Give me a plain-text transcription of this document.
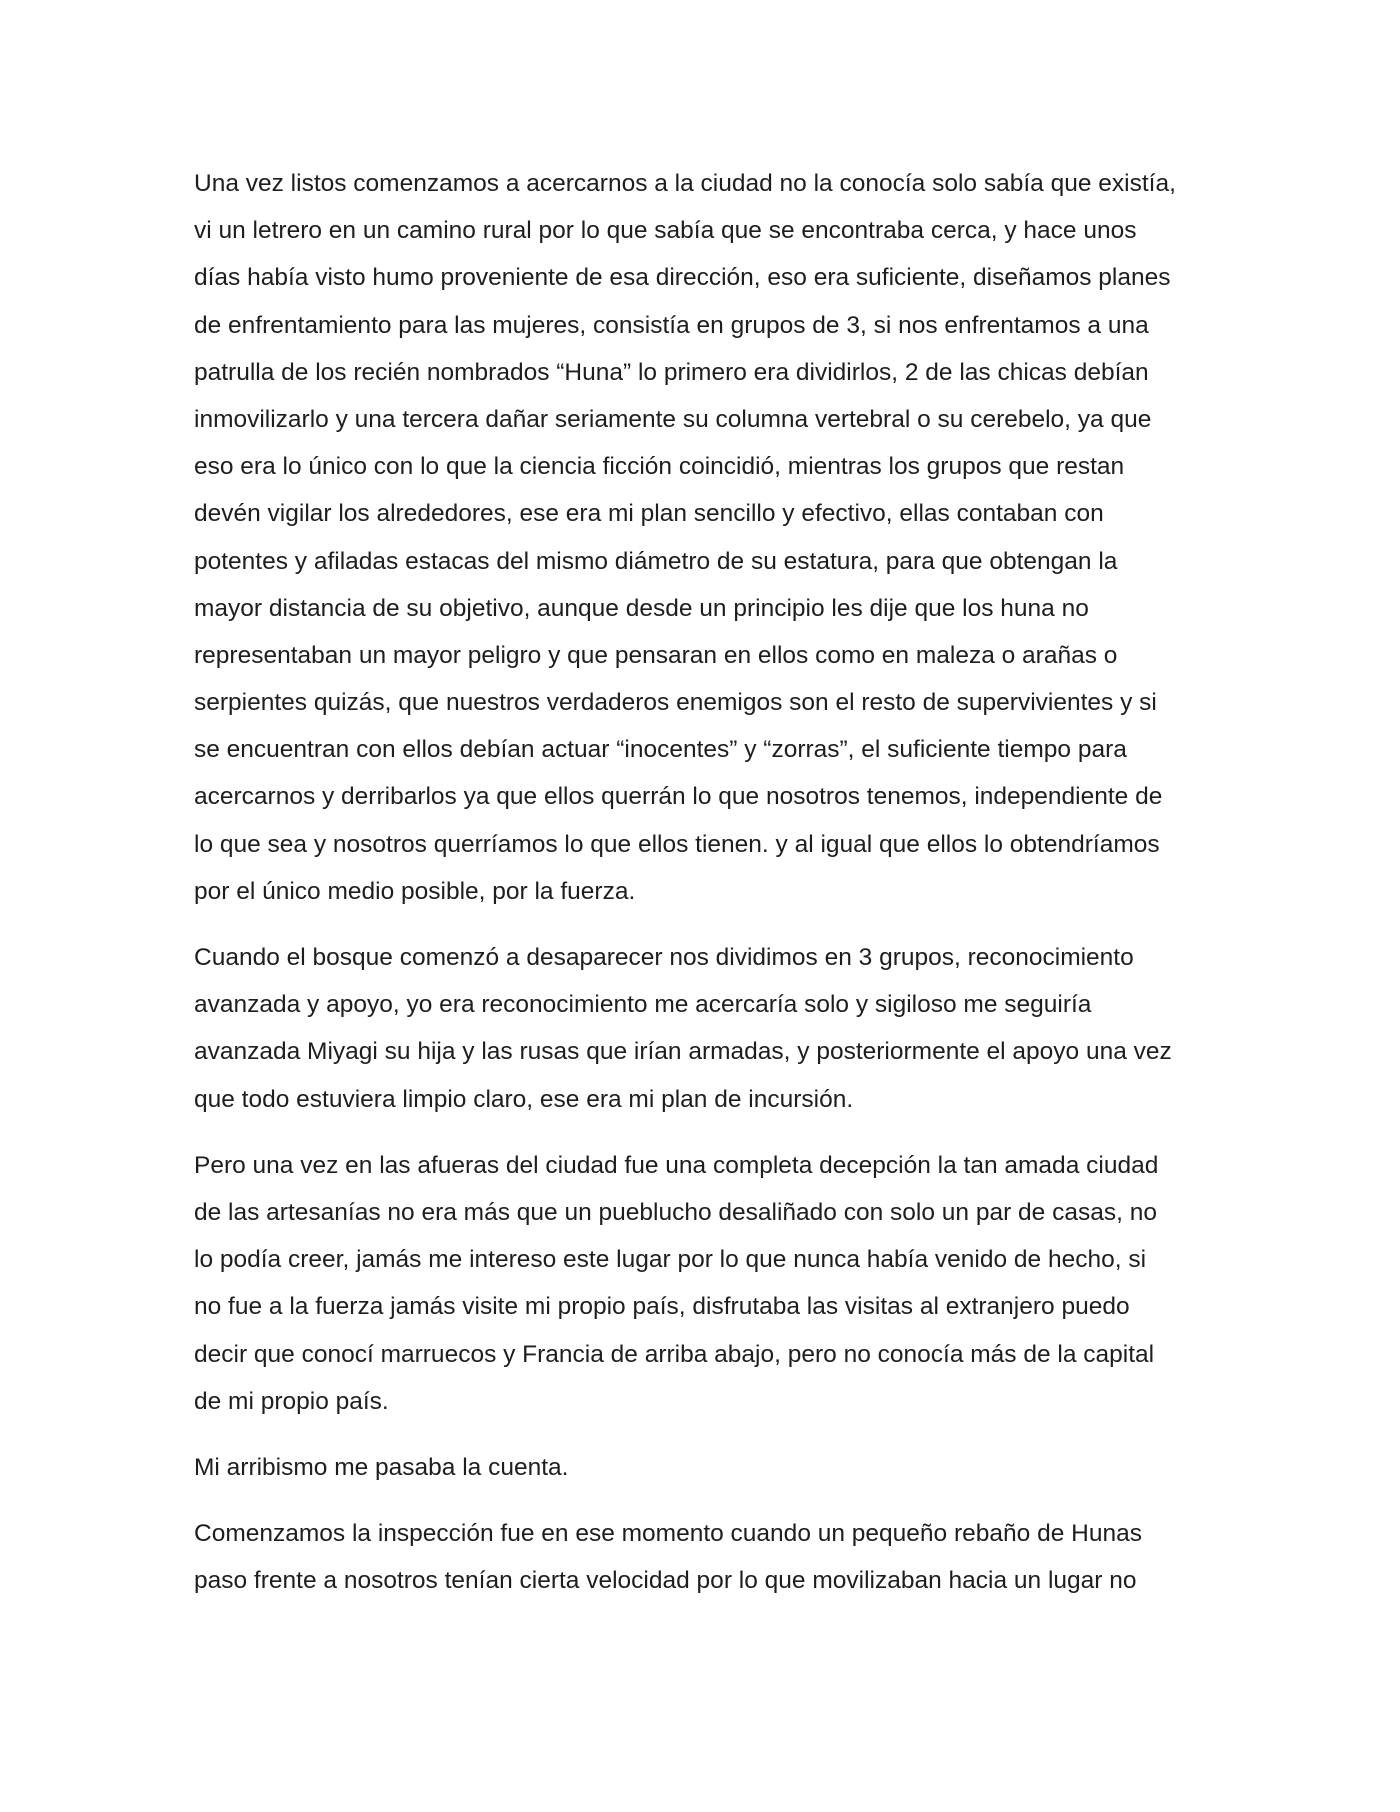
Una vez listos comenzamos a acercarnos a la ciudad no la conocía solo sabía que existía,
vi un letrero en un camino rural por lo que sabía que se encontraba cerca, y hace unos
días había visto humo proveniente de esa dirección, eso era suficiente, diseñamos planes
de enfrentamiento para las mujeres, consistía en grupos de 3, si nos enfrentamos a una
patrulla de los recién nombrados “Huna” lo primero era dividirlos, 2 de las chicas debían
inmovilizarlo y una tercera dañar seriamente su columna vertebral o su cerebelo, ya que
eso era lo único con lo que la ciencia ficción coincidió, mientras los grupos que restan
devén vigilar los alrededores, ese era mi plan sencillo y efectivo, ellas contaban con
potentes y afiladas estacas del mismo diámetro de su estatura, para que obtengan la
mayor distancia de su objetivo, aunque desde un principio les dije que los huna no
representaban un mayor peligro y que pensaran en ellos como en maleza o arañas o
serpientes quizás, que nuestros verdaderos enemigos son el resto de supervivientes y si
se encuentran con ellos debían actuar “inocentes” y “zorras”, el suficiente tiempo para
acercarnos y derribarlos ya que ellos querrán lo que nosotros tenemos, independiente de
lo que sea y nosotros querríamos lo que ellos tienen. y al igual que ellos lo obtendríamos
por el único medio posible, por la fuerza.

Cuando el bosque comenzó a desaparecer nos dividimos en 3 grupos, reconocimiento
avanzada y apoyo, yo era reconocimiento me acercaría solo y sigiloso me seguiría
avanzada Miyagi su hija y las rusas que irían armadas, y posteriormente el apoyo una vez
que todo estuviera limpio claro, ese era mi plan de incursión.

Pero una vez en las afueras del ciudad fue una completa decepción la tan amada ciudad
de las artesanías no era más que un pueblucho desaliñado con solo un par de casas, no
lo podía creer, jamás me intereso este lugar por lo que nunca había venido de hecho, si
no fue a la fuerza jamás visite mi propio país, disfrutaba las visitas al extranjero puedo
decir que conocí marruecos y Francia de arriba abajo, pero no conocía más de la capital
de mi propio país.

Mi arribismo me pasaba la cuenta.

Comenzamos la inspección fue en ese momento cuando un pequeño rebaño de Hunas
paso frente a nosotros tenían cierta velocidad por lo que movilizaban hacia un lugar no
